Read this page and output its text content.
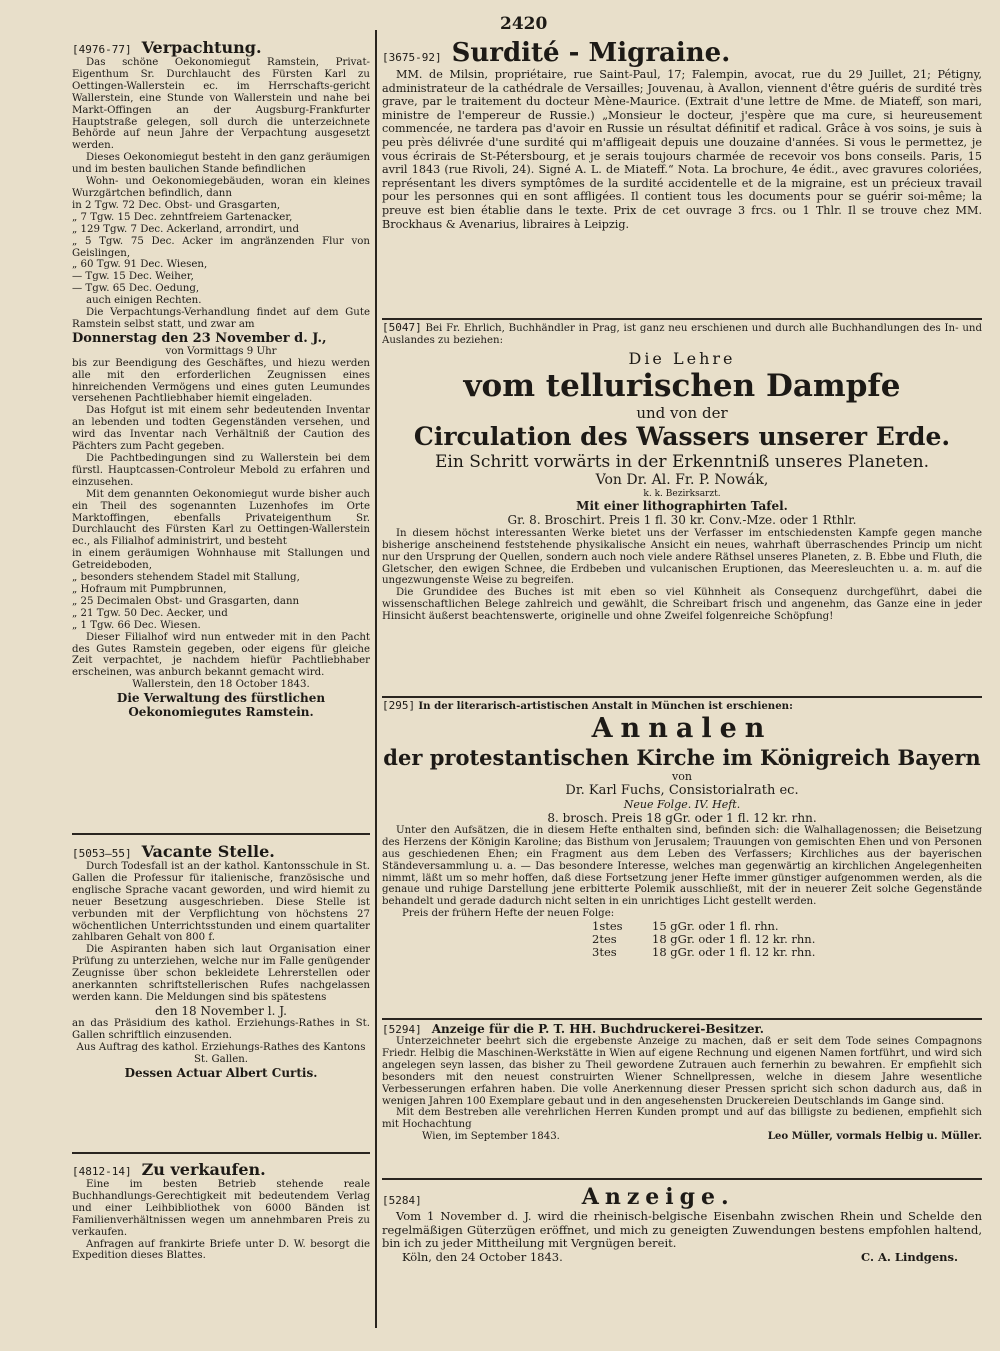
2420
[4976-77] Verpachtung.

Das schöne Oekonomiegut Ramstein, Privat-Eigenthum Sr. Durchlaucht des Fürsten Karl zu Oettingen-Wallerstein ec. im Herrschafts-gericht Wallerstein, eine Stunde von Wallerstein und nahe bei Markt-Offingen an der Augsburg-Frankfurter Hauptstraße gelegen, soll durch die unterzeichnete Behörde auf neun Jahre der Verpachtung ausgesetzt werden.

Dieses Oekonomiegut besteht in den ganz geräumigen und im besten baulichen Stande befindlichen

Wohn- und Oekonomiegebäuden, woran ein kleines Wurzgärtchen befindlich, dann

in 2 Tgw. 72 Dec. Obst- und Grasgarten,

„ 7 Tgw. 15 Dec. zehntfreiem Gartenacker,

„ 129 Tgw. 7 Dec. Ackerland, arrondirt, und

„ 5 Tgw. 75 Dec. Acker im angränzenden Flur von Geislingen,

„ 60 Tgw. 91 Dec. Wiesen,

— Tgw. 15 Dec. Weiher,

— Tgw. 65 Dec. Oedung,

auch einigen Rechten.

Die Verpachtungs-Verhandlung findet auf dem Gute Ramstein selbst statt, und zwar am

Donnerstag den 23 November d. J.,

von Vormittags 9 Uhr

bis zur Beendigung des Geschäftes, und hiezu werden alle mit den erforderlichen Zeugnissen eines hinreichenden Vermögens und eines guten Leumundes versehenen Pachtliebhaber hiemit eingeladen.

Das Hofgut ist mit einem sehr bedeutenden Inventar an lebenden und todten Gegenständen versehen, und wird das Inventar nach Verhältniß der Caution des Pächters zum Pacht gegeben.

Die Pachtbedingungen sind zu Wallerstein bei dem fürstl. Hauptcassen-Controleur Mebold zu erfahren und einzusehen.

Mit dem genannten Oekonomiegut wurde bisher auch ein Theil des sogenannten Luzenhofes im Orte Marktoffingen, ebenfalls Privateigenthum Sr. Durchlaucht des Fürsten Karl zu Oettingen-Wallerstein ec., als Filialhof administrirt, und besteht

in einem geräumigen Wohnhause mit Stallungen und Getreideboden,

„ besonders stehendem Stadel mit Stallung,

„ Hofraum mit Pumpbrunnen,

„ 25 Decimalen Obst- und Grasgarten, dann

„ 21 Tgw. 50 Dec. Aecker, und

„ 1 Tgw. 66 Dec. Wiesen.

Dieser Filialhof wird nun entweder mit in den Pacht des Gutes Ramstein gegeben, oder eigens für gleiche Zeit verpachtet, je nachdem hiefür Pachtliebhaber erscheinen, was anburch bekannt gemacht wird.

Wallerstein, den 18 October 1843.

Die Verwaltung des fürstlichen Oekonomiegutes Ramstein.

[5053—55] Vacante Stelle.

Durch Todesfall ist an der kathol. Kantonsschule in St. Gallen die Professur für italienische, französische und englische Sprache vacant geworden, und wird hiemit zu neuer Besetzung ausgeschrieben. Diese Stelle ist verbunden mit der Verpflichtung von höchstens 27 wöchentlichen Unterrichtsstunden und einem quartaliter zahlbaren Gehalt von 800 f.

Die Aspiranten haben sich laut Organisation einer Prüfung zu unterziehen, welche nur im Falle genügender Zeugnisse über schon bekleidete Lehrerstellen oder anerkannten schriftstellerischen Rufes nachgelassen werden kann. Die Meldungen sind bis spätestens

den 18 November l. J.

an das Präsidium des kathol. Erziehungs-Rathes in St. Gallen schriftlich einzusenden.

Aus Auftrag des kathol. Erziehungs-Rathes des Kantons St. Gallen.

Dessen Actuar Albert Curtis.

[4812-14] Zu verkaufen.

Eine im besten Betrieb stehende reale Buchhandlungs-Gerechtigkeit mit bedeutendem Verlag und einer Leihbibliothek von 6000 Bänden ist Familienverhältnissen wegen um annehmbaren Preis zu verkaufen.

Anfragen auf frankirte Briefe unter D. W. besorgt die Expedition dieses Blattes.

[3675-92] Surdité - Migraine.

MM. de Milsin, propriétaire, rue Saint-Paul, 17; Falempin, avocat, rue du 29 Juillet, 21; Pétigny, administrateur de la cathédrale de Versailles; Jouvenau, à Avallon, viennent d'être guéris de surdité très grave, par le traitement du docteur Mène-Maurice. (Extrait d'une lettre de Mme. de Miateff, son mari, ministre de l'empereur de Russie.) „Monsieur le docteur, j'espère que ma cure, si heureusement commencée, ne tardera pas d'avoir en Russie un résultat définitif et radical. Grâce à vos soins, je suis à peu près délivrée d'une surdité qui m'affligeait depuis une douzaine d'années. Si vous le permettez, je vous écrirais de St-Pétersbourg, et je serais toujours charmée de recevoir vos bons conseils. Paris, 15 avril 1843 (rue Rivoli, 24). Signé A. L. de Miateff.“ Nota. La brochure, 4e édit., avec gravures coloriées, représentant les divers symptômes de la surdité accidentelle et de la migraine, est un précieux travail pour les personnes qui en sont affligées. Il contient tous les documents pour se guérir soi-même; la preuve est bien établie dans le texte. Prix de cet ouvrage 3 frcs. ou 1 Thlr. Il se trouve chez MM. Brockhaus & Avenarius, libraires à Leipzig.

[5047] Bei Fr. Ehrlich, Buchhändler in Prag, ist ganz neu erschienen und durch alle Buchhandlungen des In- und Auslandes zu beziehen:

Die Lehre
vom tellurischen Dampfe
und von der
Circulation des Wassers unserer Erde.
Ein Schritt vorwärts in der Erkenntniß unseres Planeten.
Von Dr. Al. Fr. P. Nowák,
k. k. Bezirksarzt.
Mit einer lithographirten Tafel.
Gr. 8. Broschirt. Preis 1 fl. 30 kr. Conv.-Mze. oder 1 Rthlr.

In diesem höchst interessanten Werke bietet uns der Verfasser im entschiedensten Kampfe gegen manche bisherige anscheinend feststehende physikalische Ansicht ein neues, wahrhaft überraschendes Princip um nicht nur den Ursprung der Quellen, sondern auch noch viele andere Räthsel unseres Planeten, z. B. Ebbe und Fluth, die Gletscher, den ewigen Schnee, die Erdbeben und vulcanischen Eruptionen, das Meeresleuchten u. a. m. auf die ungezwungenste Weise zu begreifen.

Die Grundidee des Buches ist mit eben so viel Kühnheit als Consequenz durchgeführt, dabei die wissenschaftlichen Belege zahlreich und gewählt, die Schreibart frisch und angenehm, das Ganze eine in jeder Hinsicht äußerst beachtenswerte, originelle und ohne Zweifel folgenreiche Schöpfung!

[295] In der literarisch-artistischen Anstalt in München ist erschienen:

Annalen
der protestantischen Kirche im Königreich Bayern
von
Dr. Karl Fuchs, Consistorialrath ec.
Neue Folge. IV. Heft.
8. brosch. Preis 18 gGr. oder 1 fl. 12 kr. rhn.

Unter den Aufsätzen, die in diesem Hefte enthalten sind, befinden sich: die Walhallagenossen; die Beisetzung des Herzens der Königin Karoline; das Bisthum von Jerusalem; Trauungen von gemischten Ehen und von Personen aus geschiedenen Ehen; ein Fragment aus dem Leben des Verfassers; Kirchliches aus der bayerischen Ständeversammlung u. a. — Das besondere Interesse, welches man gegenwärtig an kirchlichen Angelegenheiten nimmt, läßt um so mehr hoffen, daß diese Fortsetzung jener Hefte immer günstiger aufgenommen werden, als die genaue und ruhige Darstellung jene erbitterte Polemik ausschließt, mit der in neuerer Zeit solche Gegenstände behandelt und gerade dadurch nicht selten in ein unrichtiges Licht gestellt werden.

Preis der frühern Hefte der neuen Folge:

1stes	15 gGr. oder 1 fl. rhn.
2tes	18 gGr. oder 1 fl. 12 kr. rhn.
3tes	18 gGr. oder 1 fl. 12 kr. rhn.
[5294] Anzeige für die P. T. HH. Buchdruckerei-Besitzer.

Unterzeichneter beehrt sich die ergebenste Anzeige zu machen, daß er seit dem Tode seines Compagnons Friedr. Helbig die Maschinen-Werkstätte in Wien auf eigene Rechnung und eigenen Namen fortführt, und wird sich angelegen seyn lassen, das bisher zu Theil gewordene Zutrauen auch fernerhin zu bewahren. Er empfiehlt sich besonders mit den neuest construirten Wiener Schnellpressen, welche in diesem Jahre wesentliche Verbesserungen erfahren haben. Die volle Anerkennung dieser Pressen spricht sich schon dadurch aus, daß in wenigen Jahren 100 Exemplare gebaut und in den angesehensten Druckereien Deutschlands im Gange sind.

Mit dem Bestreben alle verehrlichen Herren Kunden prompt und auf das billigste zu bedienen, empfiehlt sich mit Hochachtung

Wien, im September 1843.	Leo Müller, vormals Helbig u. Müller.
[5284]	Anzeige.

Vom 1 November d. J. wird die rheinisch-belgische Eisenbahn zwischen Rhein und Schelde den regelmäßigen Güterzügen eröffnet, und mich zu geneigten Zuwendungen bestens empfohlen haltend, bin ich zu jeder Mittheilung mit Vergnügen bereit.

Köln, den 24 October 1843.	C. A. Lindgens.
